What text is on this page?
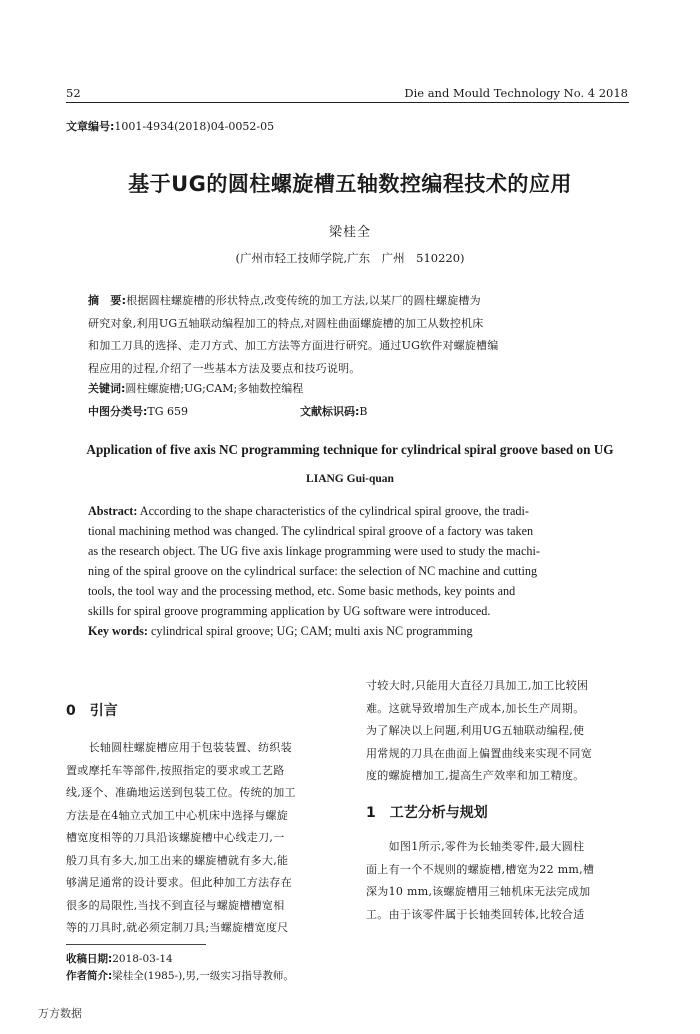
52	Die and Mould Technology No. 4 2018
文章编号:1001-4934(2018)04-0052-05
基于UG的圆柱螺旋槽五轴数控编程技术的应用
梁桂全
(广州市轻工技师学院,广东　广州　510220)
摘　要:根据圆柱螺旋槽的形状特点,改变传统的加工方法,以某厂的圆柱螺旋槽为
研究对象,利用UG五轴联动编程加工的特点,对圆柱曲面螺旋槽的加工从数控机床
和加工刀具的选择、走刀方式、加工方法等方面进行研究。通过UG软件对螺旋槽编
程应用的过程,介绍了一些基本方法及要点和技巧说明。
关键词:圆柱螺旋槽;UG;CAM;多轴数控编程
中图分类号:TG 659	文献标识码:B
Application of five axis NC programming technique for cylindrical spiral groove based on UG
LIANG Gui-quan
Abstract: According to the shape characteristics of the cylindrical spiral groove, the tradi-
tional machining method was changed. The cylindrical spiral groove of a factory was taken
as the research object. The UG five axis linkage programming were used to study the machi-
ning of the spiral groove on the cylindrical surface: the selection of NC machine and cutting
tools, the tool way and the processing method, etc. Some basic methods, key points and
skills for spiral groove programming application by UG software were introduced.
Key words: cylindrical spiral groove; UG; CAM; multi axis NC programming
0　引言
　　长轴圆柱螺旋槽应用于包装装置、纺织装
置或摩托车等部件,按照指定的要求或工艺路
线,逐个、准确地运送到包装工位。传统的加工
方法是在4轴立式加工中心机床中选择与螺旋
槽宽度相等的刀具沿该螺旋槽中心线走刀,一
般刀具有多大,加工出来的螺旋槽就有多大,能
够满足通常的设计要求。但此种加工方法存在
很多的局限性,当找不到直径与螺旋槽槽宽相
等的刀具时,就必须定制刀具;当螺旋槽宽度尺
寸较大时,只能用大直径刀具加工,加工比较困
难。这就导致增加生产成本,加长生产周期。
为了解决以上问题,利用UG五轴联动编程,使
用常规的刀具在曲面上偏置曲线来实现不同宽
度的螺旋槽加工,提高生产效率和加工精度。
1　工艺分析与规划
　　如图1所示,零件为长轴类零件,最大圆柱
面上有一个不规则的螺旋槽,槽宽为22 mm,槽
深为10 mm,该螺旋槽用三轴机床无法完成加
工。由于该零件属于长轴类回转体,比较合适
收稿日期:2018-03-14
作者简介:梁桂全(1985-),男,一级实习指导教师。
万方数据
